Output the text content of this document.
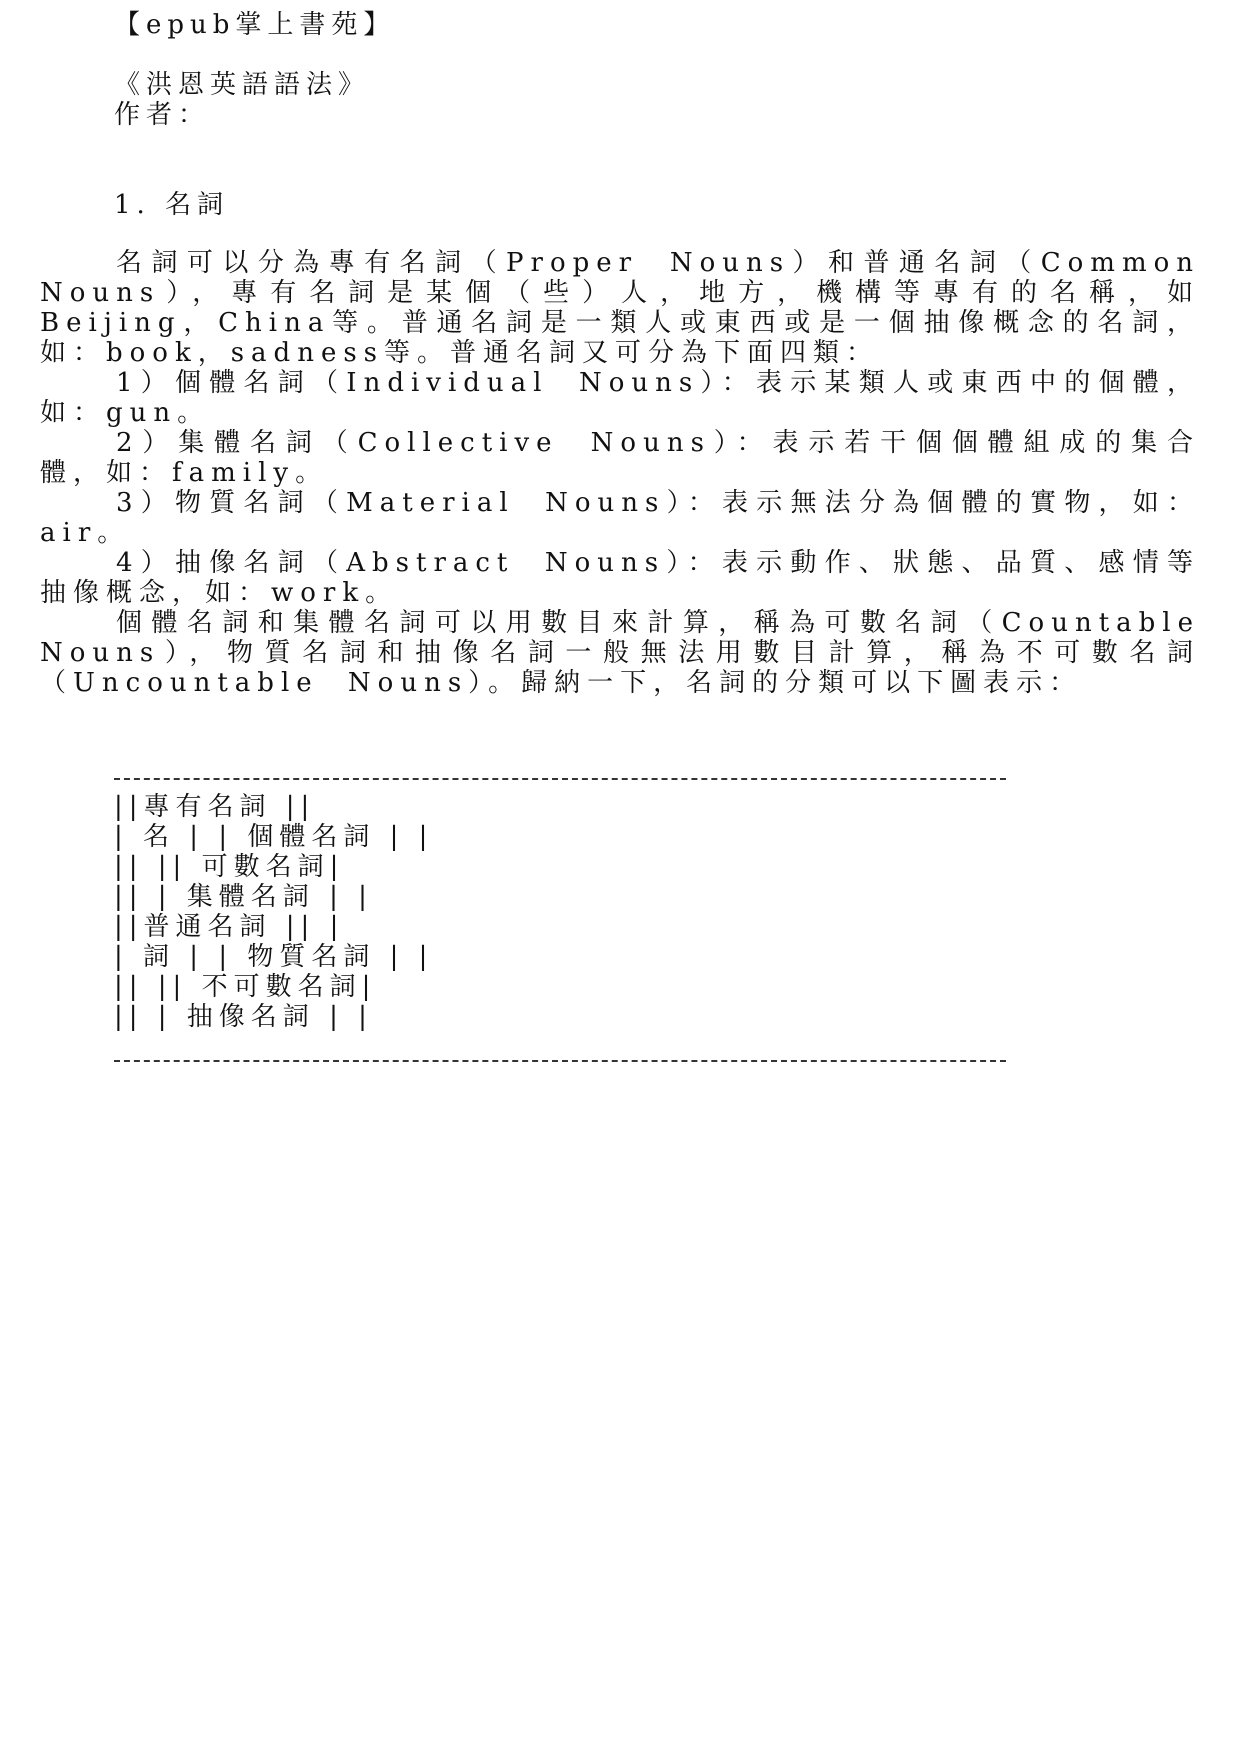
【epub掌上書苑】
《洪恩英語語法》
作者：
1. 名詞

名詞可以分為專有名詞（Proper Nouns）和普通名詞（Common Nouns），專有名詞是某個（些）人，地方，機構等專有的名稱，如Beijing，China等。普通名詞是一類人或東西或是一個抽像概念的名詞，如：book，sadness等。普通名詞又可分為下面四類：

1）個體名詞（Individual Nouns）：表示某類人或東西中的個體，如：gun。

2）集體名詞（Collective Nouns）：表示若干個個體組成的集合體，如：family。

3）物質名詞（Material Nouns）：表示無法分為個體的實物，如：air。

4）抽像名詞（Abstract Nouns）：表示動作、狀態、品質、感情等抽像概念，如：work。

個體名詞和集體名詞可以用數目來計算，稱為可數名詞（Countable Nouns），物質名詞和抽像名詞一般無法用數目計算，稱為不可數名詞（Uncountable Nouns）。歸納一下，名詞的分類可以下圖表示：

||專有名詞 ||
| 名 | | 個體名詞 | |
|| || 可數名詞|
|| | 集體名詞 | |
||普通名詞 || |
| 詞 | | 物質名詞 | |
|| || 不可數名詞|
|| | 抽像名詞 | |
